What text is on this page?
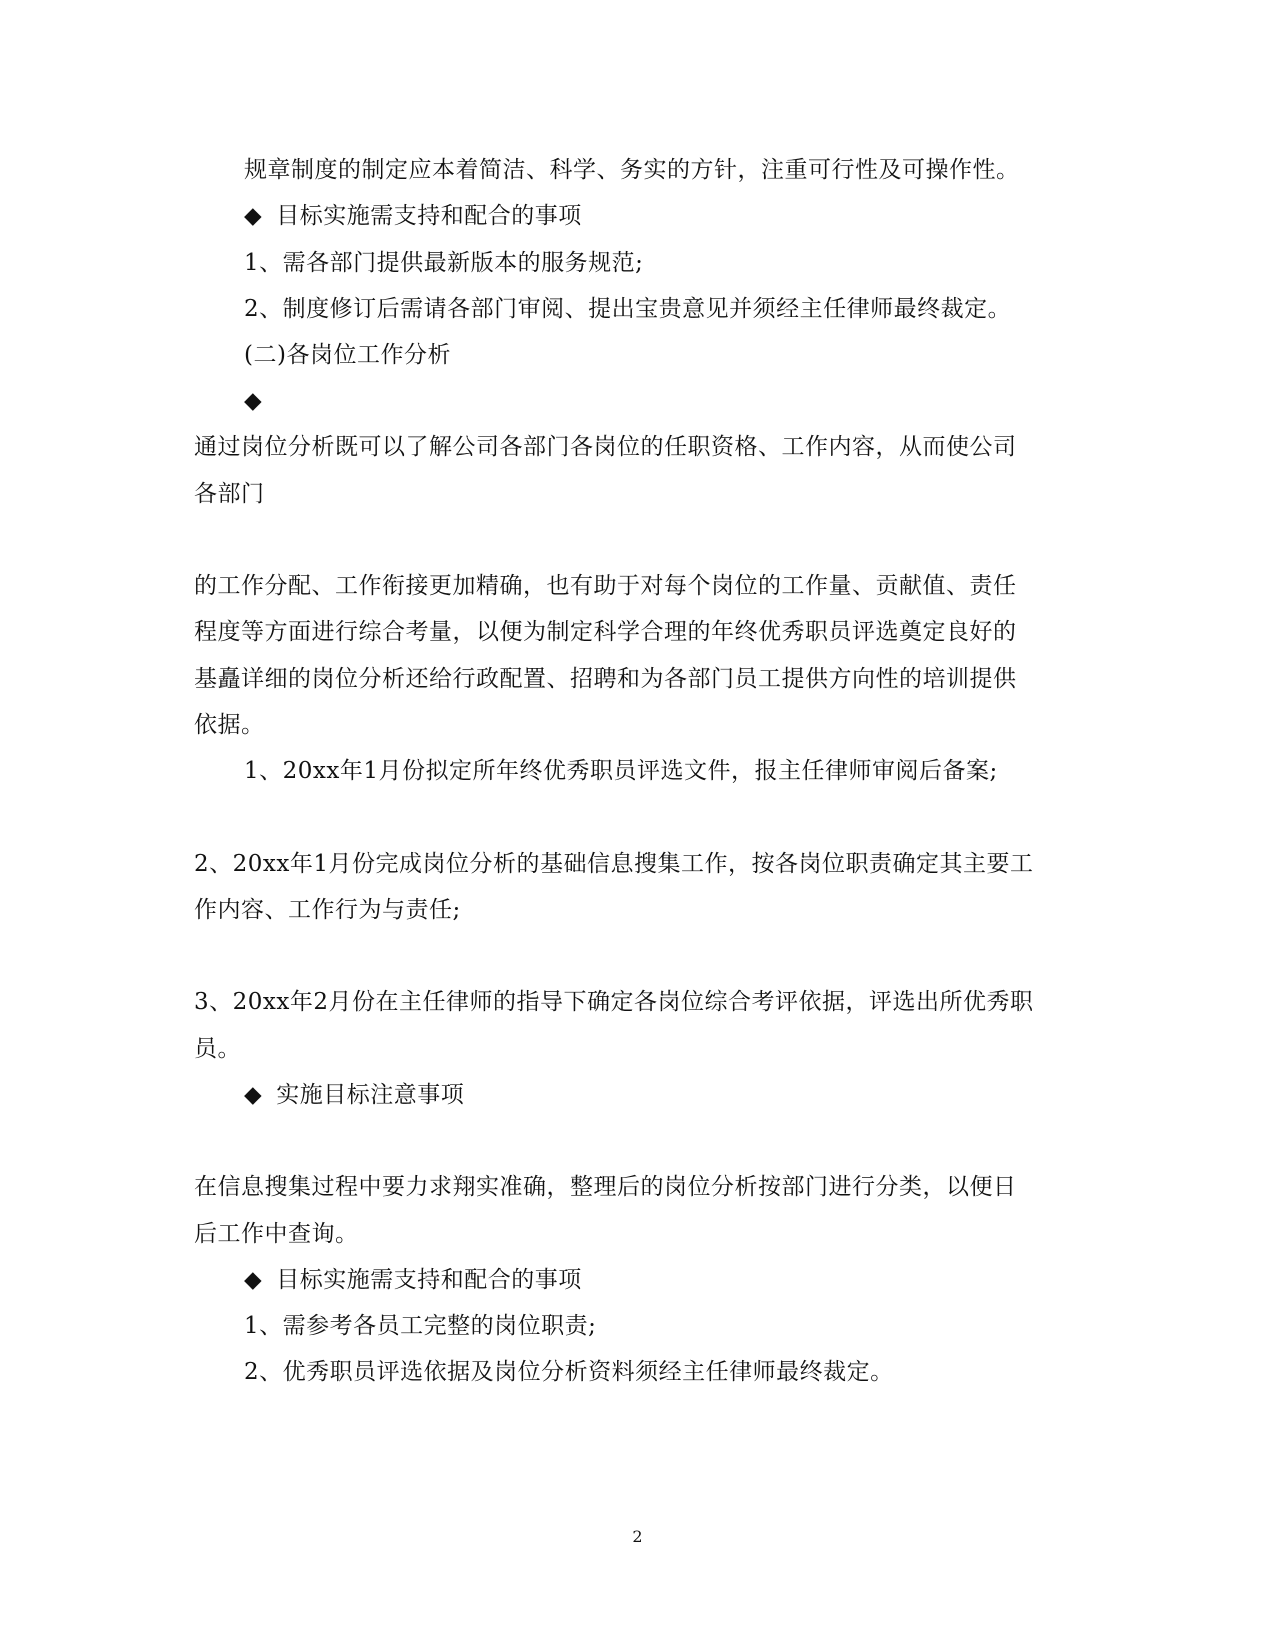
规章制度的制定应本着简洁、科学、务实的方针，注重可行性及可操作性。
◆ 目标实施需支持和配合的事项
1、需各部门提供最新版本的服务规范;
2、制度修订后需请各部门审阅、提出宝贵意见并须经主任律师最终裁定。
(二)各岗位工作分析
◆
通过岗位分析既可以了解公司各部门各岗位的任职资格、工作内容，从而使公司
各部门
的工作分配、工作衔接更加精确，也有助于对每个岗位的工作量、贡献值、责任
程度等方面进行综合考量，以便为制定科学合理的年终优秀职员评选奠定良好的
基矗详细的岗位分析还给行政配置、招聘和为各部门员工提供方向性的培训提供
依据。
1、20xx年1月份拟定所年终优秀职员评选文件，报主任律师审阅后备案;
2、20xx年1月份完成岗位分析的基础信息搜集工作，按各岗位职责确定其主要工
作内容、工作行为与责任;
3、20xx年2月份在主任律师的指导下确定各岗位综合考评依据，评选出所优秀职
员。
◆ 实施目标注意事项
在信息搜集过程中要力求翔实准确，整理后的岗位分析按部门进行分类，以便日
后工作中查询。
◆ 目标实施需支持和配合的事项
1、需参考各员工完整的岗位职责;
2、优秀职员评选依据及岗位分析资料须经主任律师最终裁定。
2
